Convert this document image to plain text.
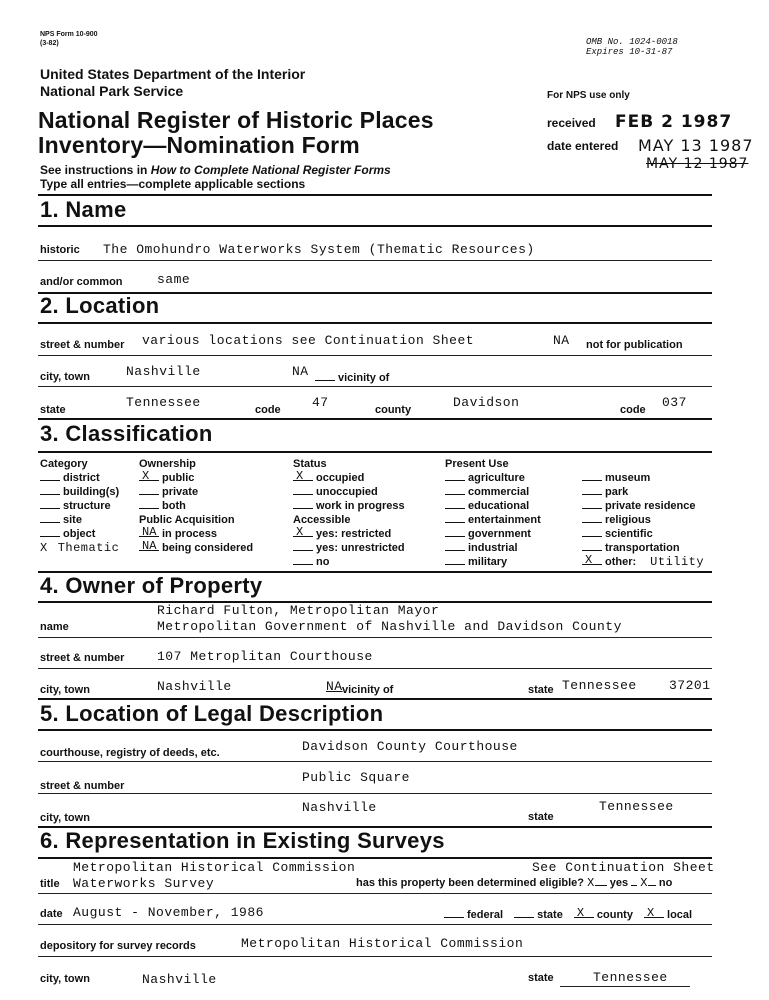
NPS Form 10-900
(3-82)	OMB No. 1024-0018
Expires 10-31-87
United States Department of the Interior
National Park Service
National Register of Historic Places
Inventory—Nomination Form
See instructions in How to Complete National Register Forms
Type all entries—complete applicable sections
For NPS use only
received FEB 2 1987
date entered MAY 13 1987
MAY 12 1987
1. Name
historic The Omohundro Waterworks System (Thematic Resources)
and/or common	same
2. Location
street & number various locations see Continuation Sheet	NA not for publication
city, town	Nashville	NA	vicinity of
state	Tennessee	code 47	county	Davidson	code 037
3. Classification
Category
district
building(s)
structure
site
object
X Thematic
Ownership
X public
private
both
Public Acquisition
NA in process
NA being considered
Status
X occupied
unoccupied
work in progress
Accessible
X yes: restricted
yes: unrestricted
no
Present Use
agriculture
commercial
educational
entertainment
government
industrial
military
museum
park
private residence
religious
scientific
transportation
X other: Utility
4. Owner of Property
Richard Fulton, Metropolitan Mayor
name	Metropolitan Government of Nashville and Davidson County
street & number	107 Metroplitan Courthouse
city, town	Nashville	NA vicinity of	state Tennessee 37201
5. Location of Legal Description
courthouse, registry of deeds, etc.	Davidson County Courthouse
street & number
Public Square
city, town
Nashville
state
Tennessee
6. Representation in Existing Surveys
Metropolitan Historical Commission	See Continuation Sheet
title Waterworks Survey	has this property been determined eligible? X yes X no
date August - November, 1986	federal	state X county X local
depository for survey records	Metropolitan Historical Commission
city, town	Nashville	state	Tennessee
